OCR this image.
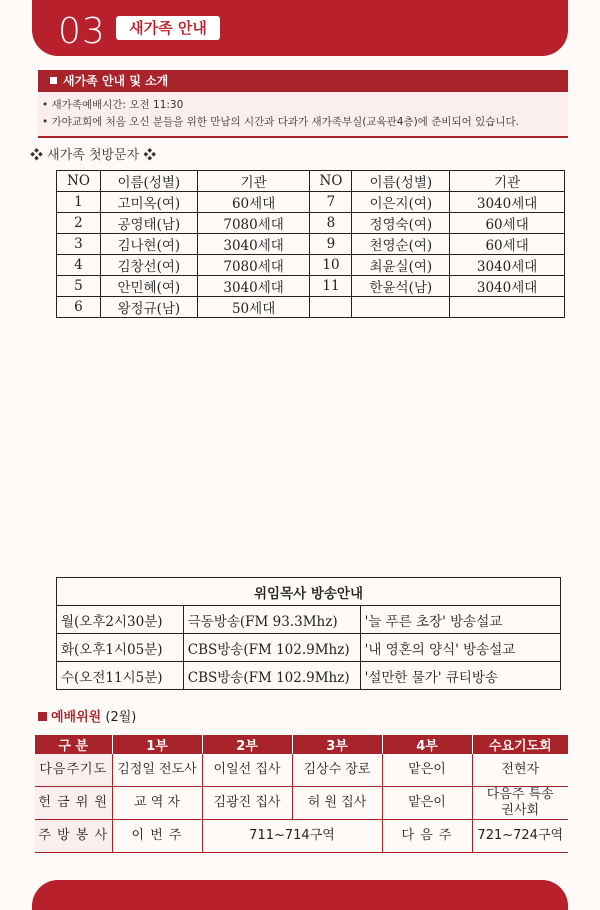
03	새가족 안내
새가족 안내 및 소개
• 새가족예배시간: 오전 11:30
• 가야교회에 처음 오신 분들을 위한 만남의 시간과 다과가 새가족부실(교육관4층)에 준비되어 있습니다.
❖ 새가족 첫방문자 ❖
NO	이름(성별)	기관	NO	이름(성별)	기관
1	고미옥(여)	60세대	7	이은지(여)	3040세대
2	공영태(남)	7080세대	8	정영숙(여)	60세대
3	김나현(여)	3040세대	9	천영순(여)	60세대
4	김창선(여)	7080세대	10	최윤실(여)	3040세대
5	안민혜(여)	3040세대	11	한윤석(남)	3040세대
6	왕정규(남)	50세대			
위임목사 방송안내		
월(오후2시30분)	극동방송(FM 93.3Mhz)	'늘 푸른 초장' 방송설교
화(오후1시05분)	CBS방송(FM 102.9Mhz)	'내 영혼의 양식' 방송설교
수(오전11시5분)	CBS방송(FM 102.9Mhz)	'설만한 물가' 큐티방송
예배위원 (2월)
구 분	1부	2부	3부	4부	수요기도회
다음주기도	김정일 전도사	이일선 집사	김상수 장로	맡은이	전현자
헌 금 위 원	교 역 자	김광진 집사	허 원 집사	맡은이	다음주 특송
권사회
주 방 봉 사	이 번 주	711~714구역		다 음 주	721~724구역
